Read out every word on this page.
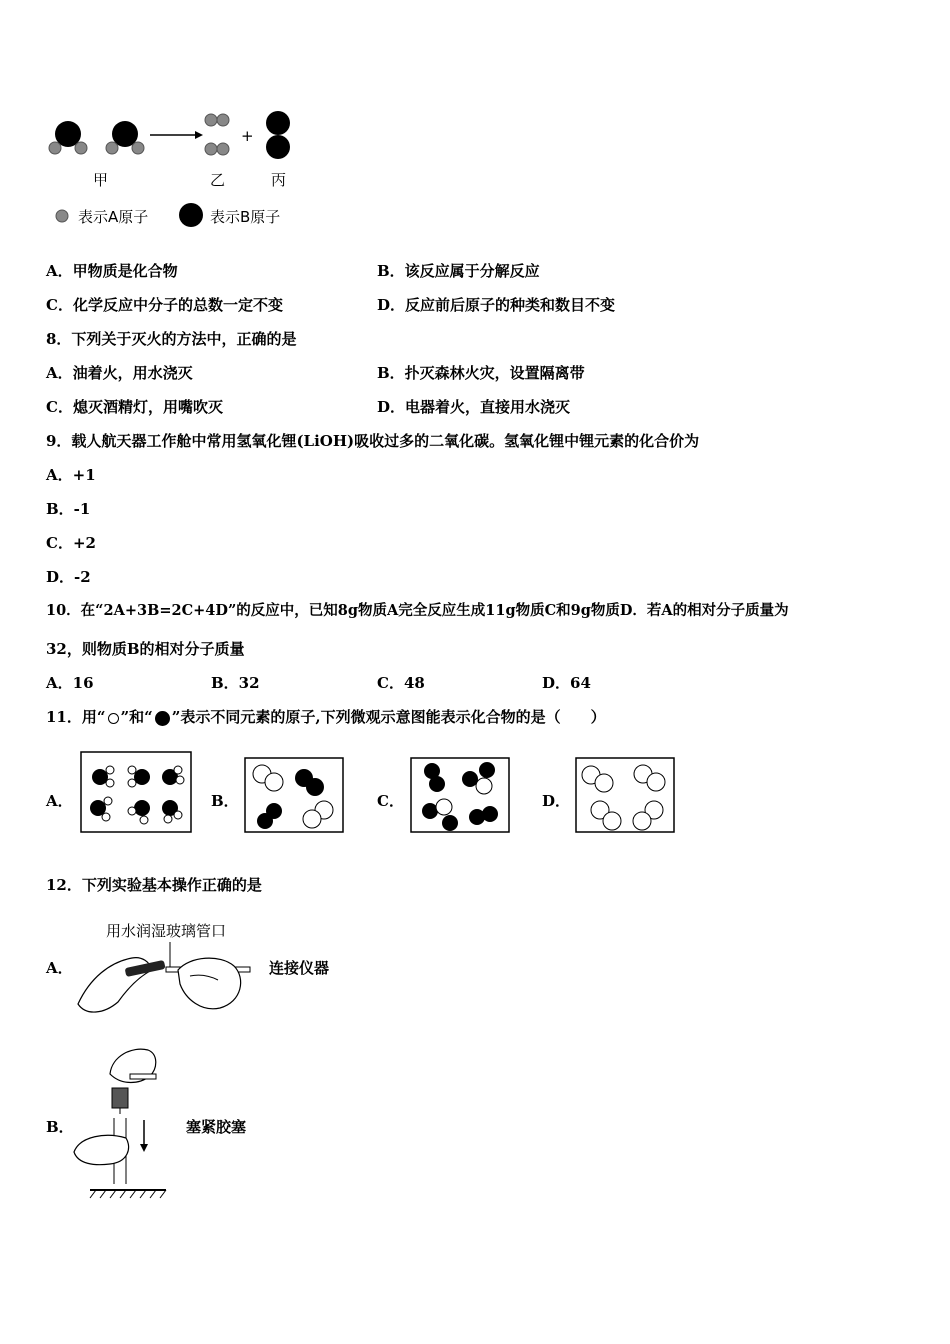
+
甲	乙	丙
表示A原子	表示B原子
A．甲物质是化合物	B．该反应属于分解反应
C．化学反应中分子的总数一定不变	D．反应前后原子的种类和数目不变
8．下列关于灭火的方法中，正确的是
A．油着火，用水浇灭	B．扑灭森林火灾，设置隔离带
C．熄灭酒精灯，用嘴吹灭	D．电器着火，直接用水浇灭
9．载人航天器工作舱中常用氢氧化锂(LiOH)吸收过多的二氧化碳。氢氧化锂中锂元素的化合价为
A．+1
B．-1
C．+2
D．-2
10．在“2A+3B=2C+4D”的反应中，已知8g物质A完全反应生成11g物质C和9g物质D．若A的相对分子质量为
32，则物质B的相对分子质量
A．16	B．32	C．48	D．64
11．用“ ”和“ ”表示不同元素的原子,下列微观示意图能表示化合物的是（　　）
A．	B．	C．	D．
12．下列实验基本操作正确的是
A．
用水润湿玻璃管口
连接仪器
B．	塞紧胶塞
